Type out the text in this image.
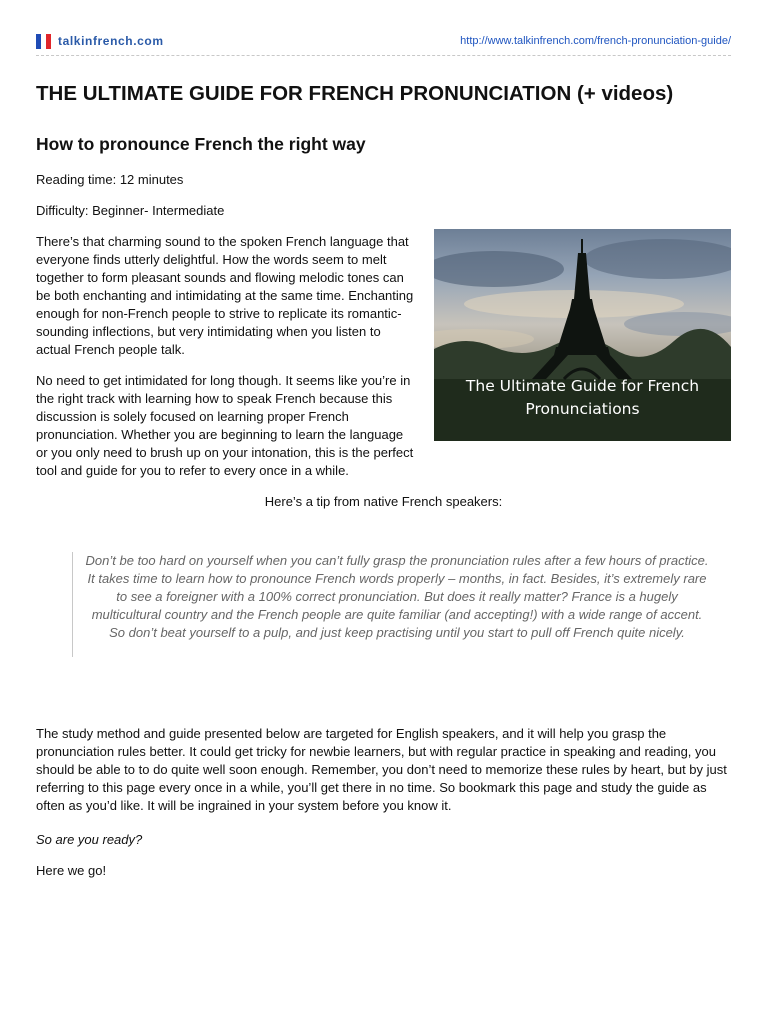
talkinfrench.com	http://www.talkinfrench.com/french-pronunciation-guide/
THE ULTIMATE GUIDE FOR FRENCH PRONUNCIATION (+ videos)
How to pronounce French the right way

Reading time: 12 minutes

Difficulty: Beginner- Intermediate

The Ultimate Guide for French Pronunciations

There’s that charming sound to the spoken French language that everyone finds utterly delightful. How the words seem to melt together to form pleasant sounds and flowing melodic tones can be both enchanting and intimidating at the same time. Enchanting enough for non-French people to strive to replicate its romantic-sounding inflections, but very intimidating when you listen to actual French people talk.

No need to get intimidated for long though. It seems like you’re in the right track with learning how to speak French because this discussion is solely focused on learning proper French pronunciation. Whether you are beginning to learn the language or you only need to brush up on your intonation, this is the perfect tool and guide for you to refer to every once in a while.

Here’s a tip from native French speakers:

Don’t be too hard on yourself when you can’t fully grasp the pronunciation rules after a few hours of practice. It takes time to learn how to pronounce French words properly – months, in fact. Besides, it’s extremely rare to see a foreigner with a 100% correct pronunciation. But does it really matter? France is a hugely multicultural country and the French people are quite familiar (and accepting!) with a wide range of accent. So don’t beat yourself to a pulp, and just keep practising until you start to pull off French quite nicely.

The study method and guide presented below are targeted for English speakers, and it will help you grasp the pronunciation rules better. It could get tricky for newbie learners, but with regular practice in speaking and reading, you should be able to to do quite well soon enough. Remember, you don’t need to memorize these rules by heart, but by just referring to this page every once in a while, you’ll get there in no time. So bookmark this page and study the guide as often as you’d like. It will be ingrained in your system before you know it.

So are you ready?

Here we go!
